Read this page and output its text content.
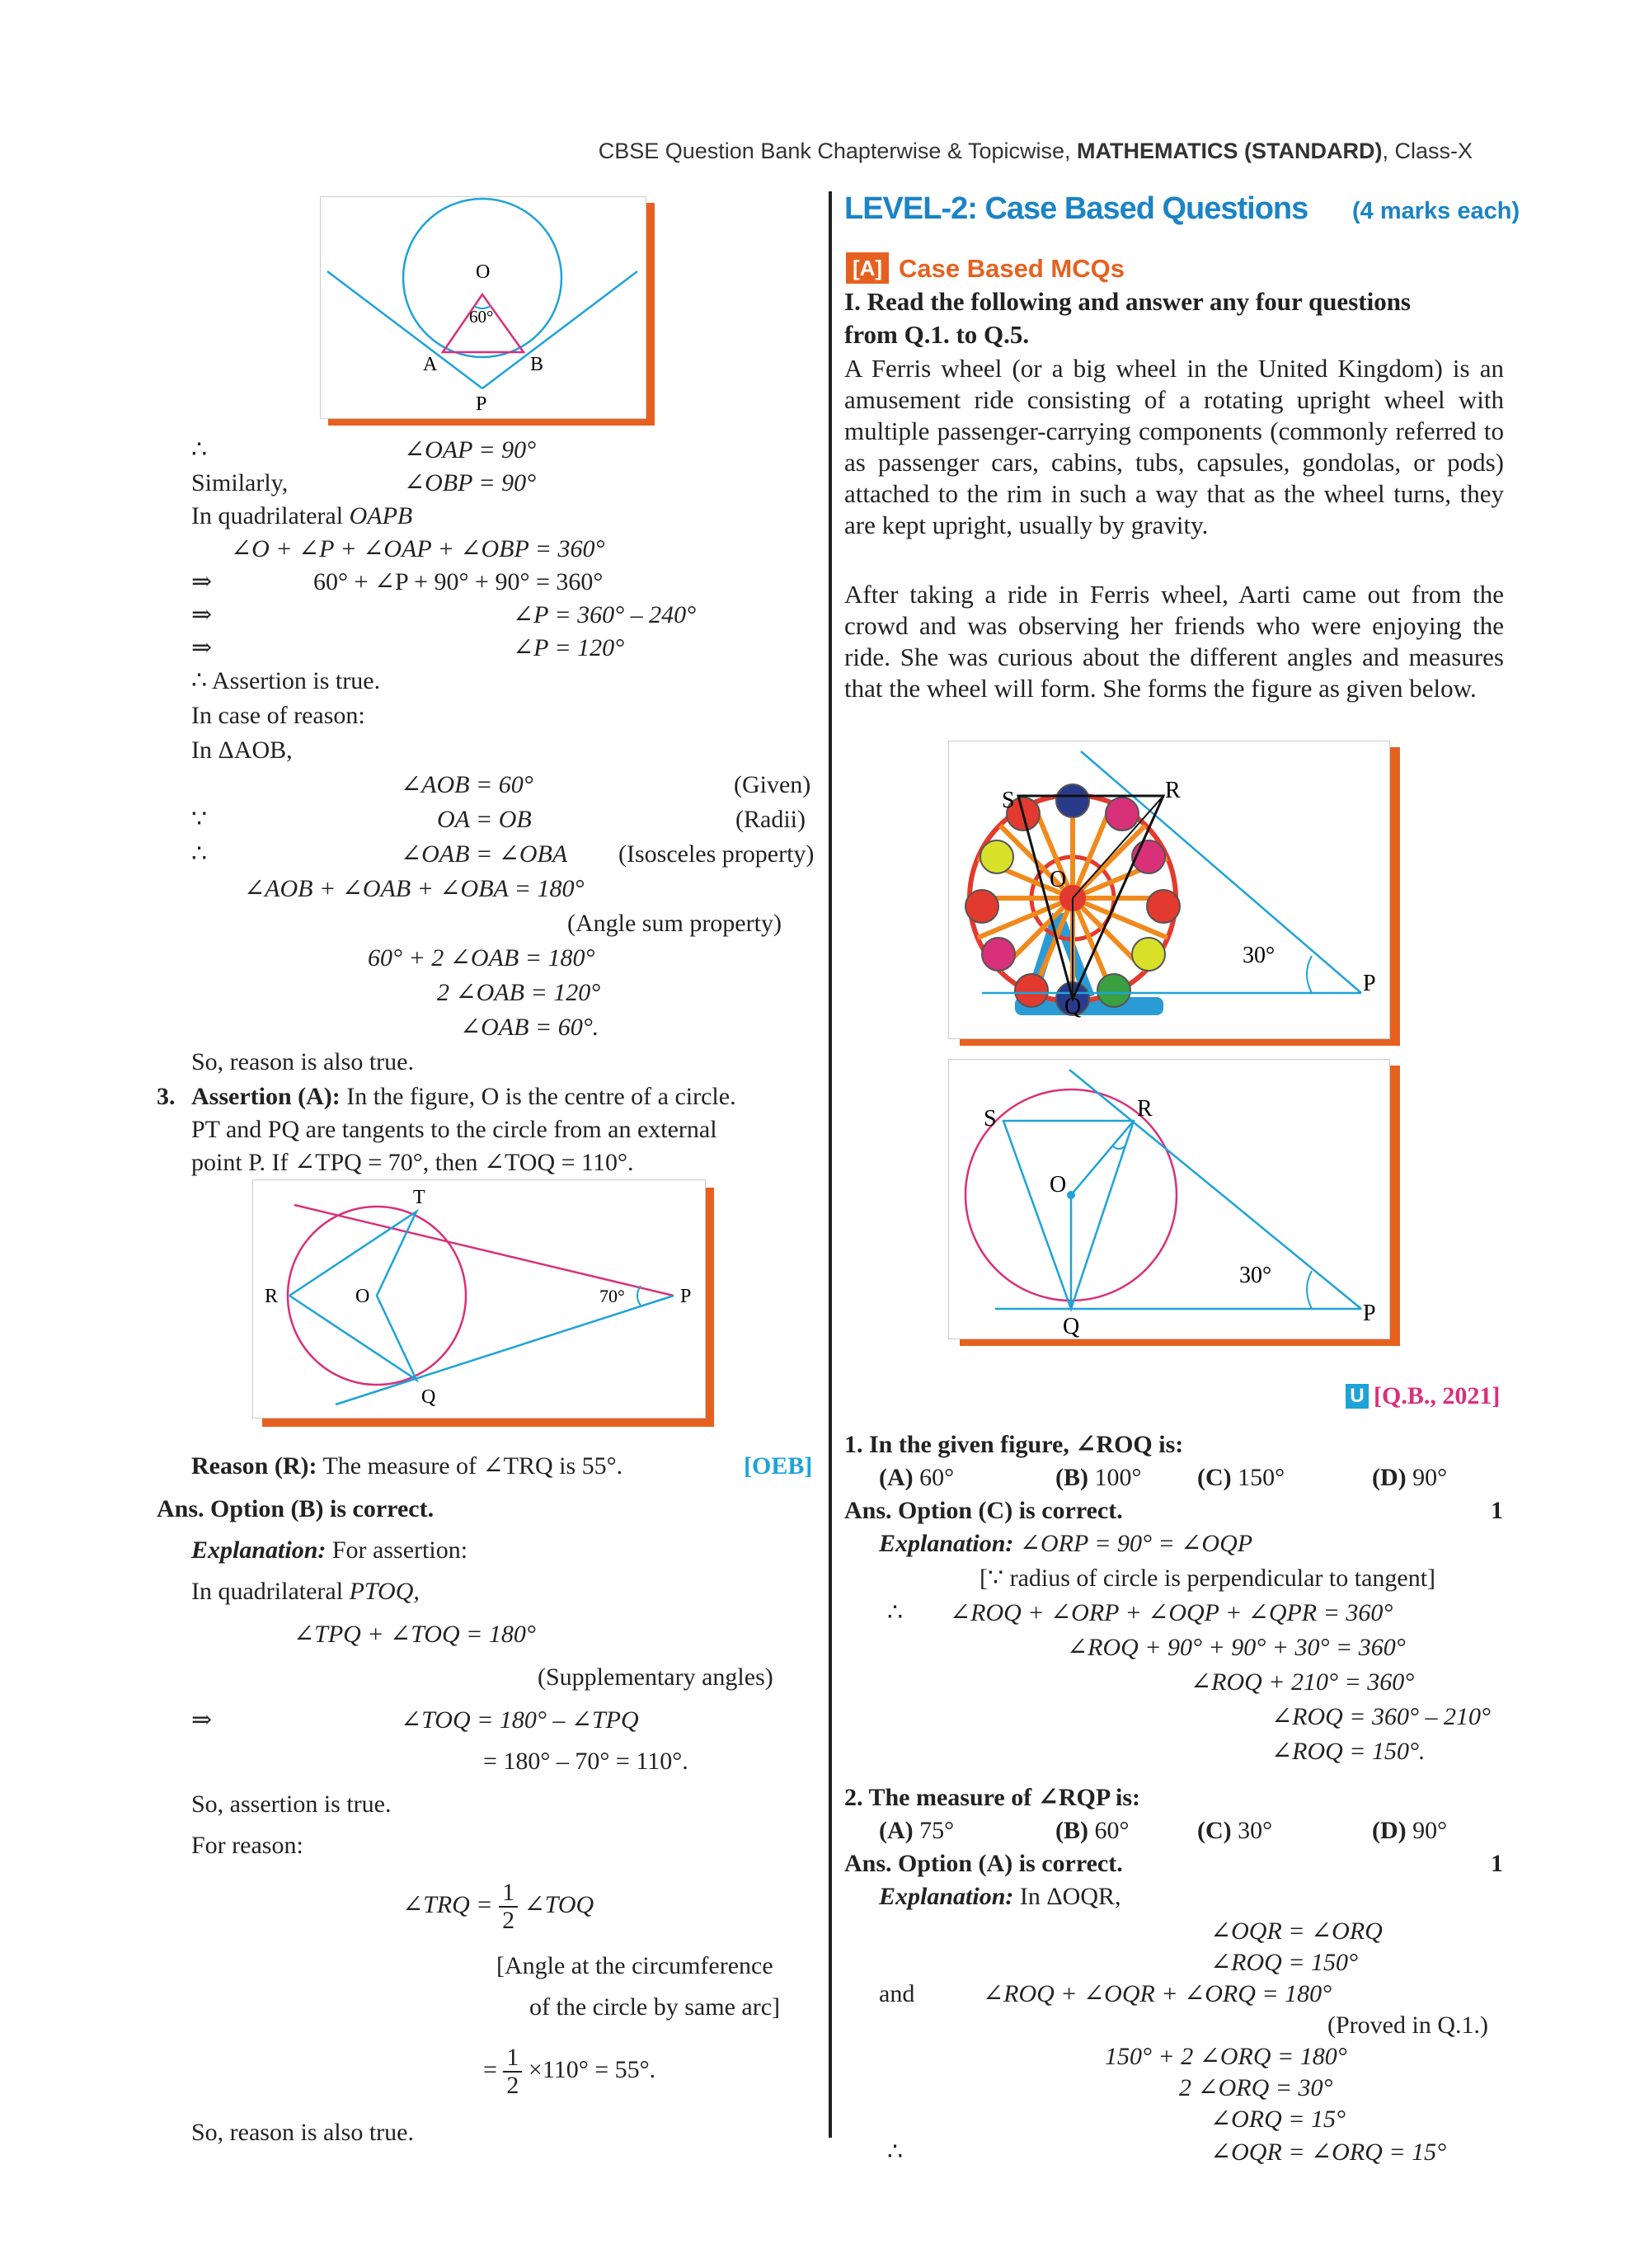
CBSE Question Bank Chapterwise & Topicwise, MATHEMATICS (STANDARD), Class-X
O
60°
A	B
P
∴	∠OAP = 90°
Similarly,	∠OBP = 90°
In quadrilateral OAPB
∠O + ∠P + ∠OAP + ∠OBP = 360°
⇒	60° + ∠P + 90° + 90° = 360°
⇒	∠P = 360° – 240°
⇒	∠P = 120°
∴ Assertion is true.
In case of reason:
In ΔAOB,
∠AOB = 60°	(Given)
∵	OA = OB	(Radii)
∴	∠OAB = ∠OBA (Isosceles property)
∠AOB + ∠OAB + ∠OBA = 180°
(Angle sum property)
60° + 2 ∠OAB = 180°
2 ∠OAB = 120°
∠OAB = 60°.
So, reason is also true.
3. Assertion (A): In the figure, O is the centre of a circle.
PT and PQ are tangents to the circle from an external
point P. If ∠TPQ = 70°, then ∠TOQ = 110°.
T
R	O	70°	P
Q
Reason (R): The measure of ∠TRQ is 55°.	[OEB]
Ans. Option (B) is correct.
Explanation: For assertion:
In quadrilateral PTOQ,
∠TPQ + ∠TOQ = 180°
(Supplementary angles)
⇒	∠TOQ = 180° – ∠TPQ
= 180° – 70° = 110°.
So, assertion is true.
For reason:
∠TRQ = $\frac{1}{2}$ ∠TOQ
[Angle at the circumference
of the circle by same arc]
= $\frac{1}{2} \times 110^\circ = 55^\circ$.
So, reason is also true.
LEVEL-2: Case Based Questions (4 marks each)
[A] Case Based MCQs
I. Read the following and answer any four questions
from Q.1. to Q.5.
A Ferris wheel (or a big wheel in the United Kingdom) is an amusement ride consisting of a rotating upright wheel with multiple passenger-carrying components (commonly referred to as passenger cars, cabins, tubs, capsules, gondolas, or pods) attached to the rim in such a way that as the wheel turns, they are kept upright, usually by gravity.
After taking a ride in Ferris wheel, Aarti came out from the crowd and was observing her friends who were enjoying the ride. She was curious about the different angles and measures that the wheel will form. She forms the figure as given below.
S	R
O
30°
P
Q
S	R
O
30°
P
Q
U [Q.B., 2021]
1. In the given figure, ∠ROQ is:
(A) 60°	(B) 100° (C) 150°	(D) 90°
Ans. Option (C) is correct.	1
Explanation: ∠ORP = 90° = ∠OQP
[∵ radius of circle is perpendicular to tangent]
∴ ∠ROQ + ∠ORP + ∠OQP + ∠QPR = 360°
∠ROQ + 90° + 90° + 30° = 360°
∠ROQ + 210° = 360°
∠ROQ = 360° – 210°
∠ROQ = 150°.
2. The measure of ∠RQP is:
(A) 75°	(B) 60°	(C) 30°	(D) 90°
Ans. Option (A) is correct.	1
Explanation: In ΔOQR,
∠OQR = ∠ORQ
∠ROQ = 150°
and	∠ROQ + ∠OQR + ∠ORQ = 180°
(Proved in Q.1.)
150° + 2 ∠ORQ = 180°
2 ∠ORQ = 30°
∠ORQ = 15°
∴	∠OQR = ∠ORQ = 15°
